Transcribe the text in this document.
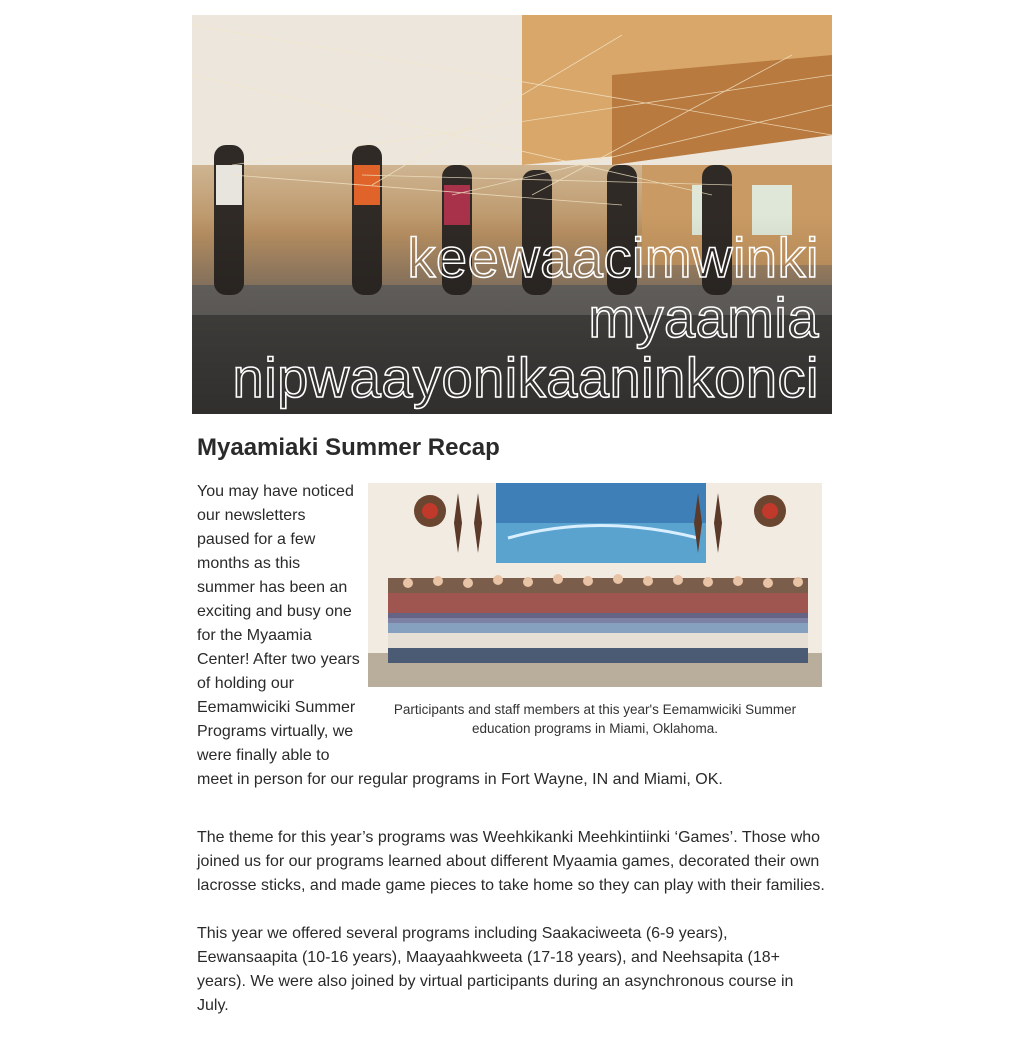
keewaacimwinki
myaamia
nipwaayonikaaninkonci
Myaamiaki Summer Recap
Participants and staff members at this year's Eemamwiciki Summer education programs in Miami, Oklahoma.

You may have noticed our newsletters paused for a few months as this summer has been an exciting and busy one for the Myaamia Center! After two years of holding our Eemamwiciki Summer Programs virtually, we were finally able to meet in person for our regular programs in Fort Wayne, IN and Miami, OK.

The theme for this year’s programs was Weehkikanki Meehkintiinki ‘Games’. Those who joined us for our programs learned about different Myaamia games, decorated their own lacrosse sticks, and made game pieces to take home so they can play with their families.

This year we offered several programs including Saakaciweeta (6-9 years), Eewansaapita (10-16 years), Maayaahkweeta (17-18 years), and Neehsapita (18+ years). We were also joined by virtual participants during an asynchronous course in July.
